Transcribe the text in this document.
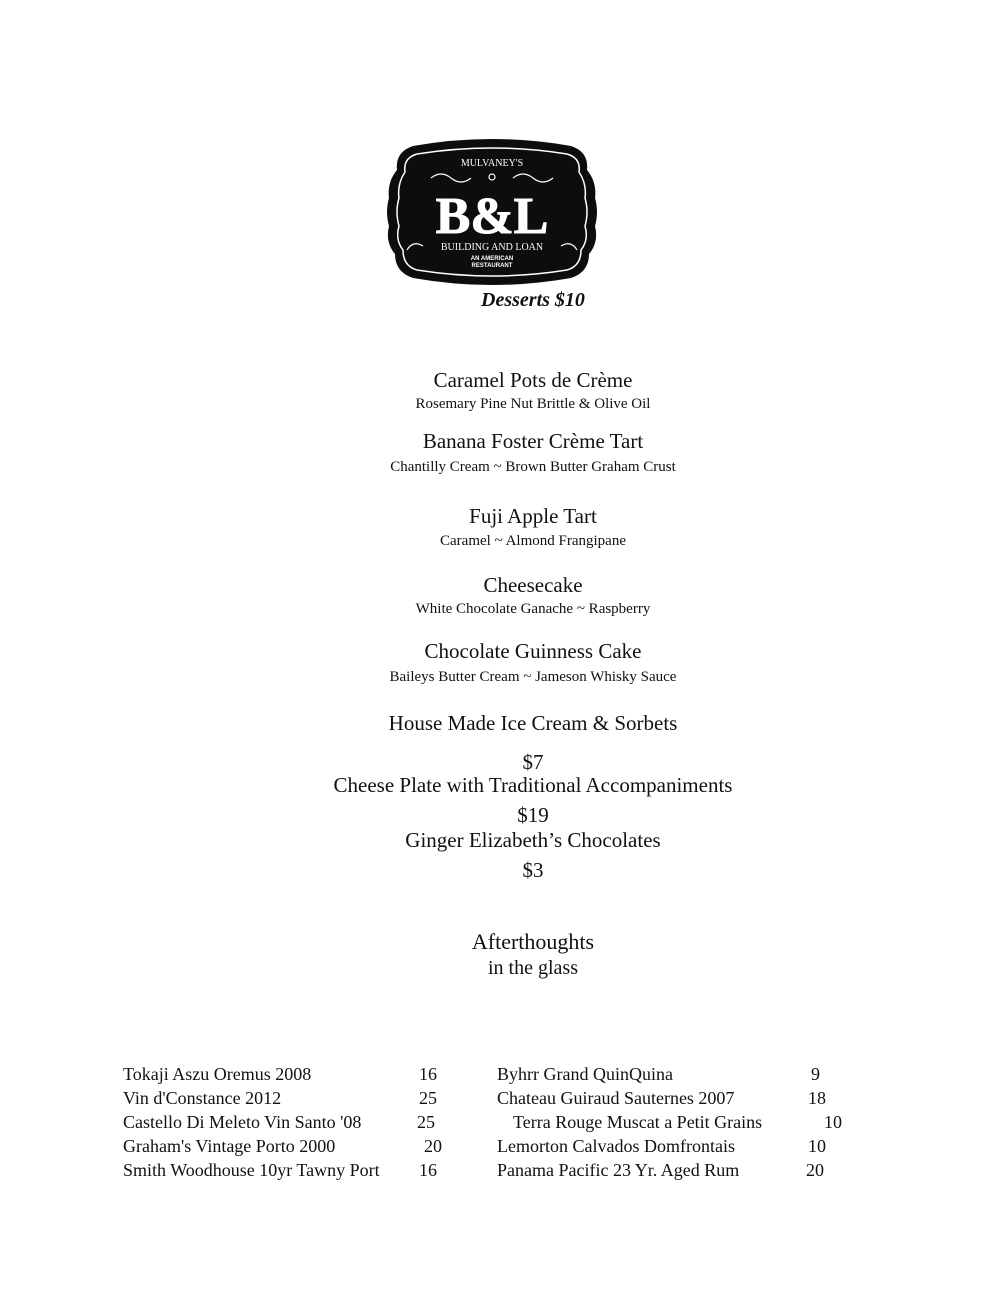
MULVANEY'S
B&L
BUILDING AND LOAN
AN AMERICAN
RESTAURANT
Desserts $10
Caramel Pots de Crème
Rosemary Pine Nut Brittle & Olive Oil
Banana Foster Crème Tart
Chantilly Cream ~ Brown Butter Graham Crust
Fuji Apple Tart
Caramel ~ Almond Frangipane
Cheesecake
White Chocolate Ganache ~ Raspberry
Chocolate Guinness Cake
Baileys Butter Cream ~ Jameson Whisky Sauce
House Made Ice Cream & Sorbets
$7
Cheese Plate with Traditional Accompaniments
$19
Ginger Elizabeth’s Chocolates
$3
Afterthoughts
in the glass
Tokaji Aszu Oremus 2008	16
Vin d'Constance 2012	25
Castello Di Meleto Vin Santo '08	25
Graham's Vintage Porto 2000	20
Smith Woodhouse 10yr Tawny Port 16
Byhrr Grand QuinQuina	9
Chateau Guiraud Sauternes 2007	18
Terra Rouge Muscat a Petit Grains	10
Lemorton Calvados Domfrontais	10
Panama Pacific 23 Yr. Aged Rum	20
